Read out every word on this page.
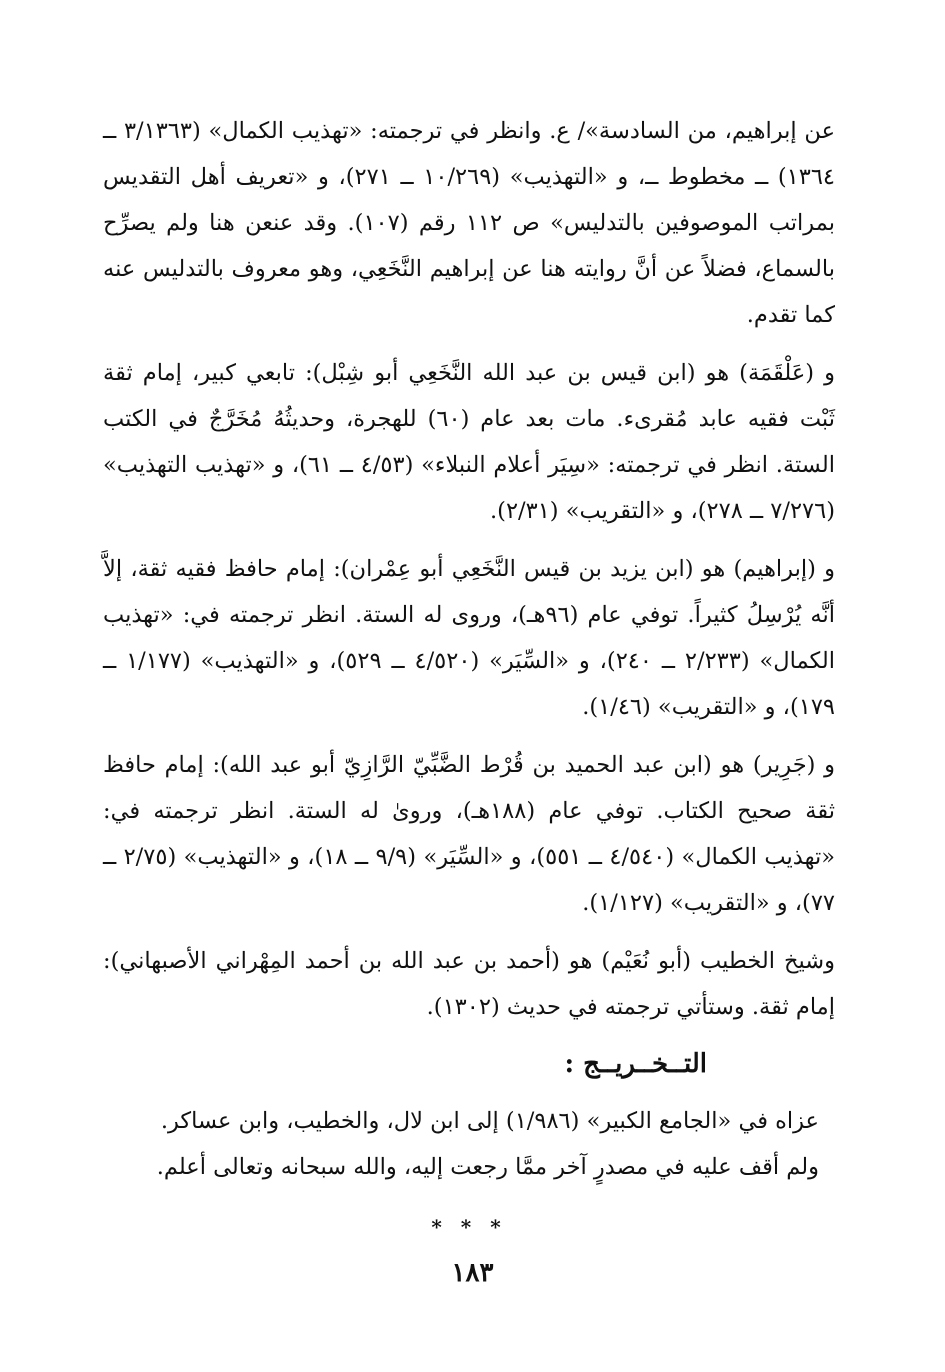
عن إبراهيم، من السادسة»/ ع. وانظر في ترجمته: «تهذيب الكمال» (٣/١٣٦٣ ــ ١٣٦٤) ــ مخطوط ــ، و «التهذيب» (١٠/٢٦٩ ــ ٢٧١)، و «تعريف أهل التقديس بمراتب الموصوفين بالتدليس» ص ١١٢ رقم (١٠٧). وقد عنعن هنا ولم يصرِّح بالسماع، فضلاً عن أنَّ روايته هنا عن إبراهيم النَّخَعِي، وهو معروف بالتدليس عنه كما تقدم.

و (عَلْقَمَة) هو (ابن قيس بن عبد الله النَّخَعِي أبو شِبْل): تابعي كبير، إمام ثقة ثَبْت فقيه عابد مُقرىء. مات بعد عام (٦٠) للهجرة، وحديثُهُ مُخَرَّجٌ في الكتب الستة. انظر في ترجمته: «سِيَر أعلام النبلاء» (٤/٥٣ ــ ٦١)، و «تهذيب التهذيب» (٧/٢٧٦ ــ ٢٧٨)، و «التقريب» (٢/٣١).

و (إبراهيم) هو (ابن يزيد بن قيس النَّخَعِي أبو عِمْران): إمام حافظ فقيه ثقة، إلاَّ أنَّه يُرْسِلُ كثيراً. توفي عام (٩٦هـ)، وروى له الستة. انظر ترجمته في: «تهذيب الكمال» (٢/٢٣٣ ــ ٢٤٠)، و «السِّيَر» (٤/٥٢٠ ــ ٥٢٩)، و «التهذيب» (١/١٧٧ ــ ١٧٩)، و «التقريب» (١/٤٦).

و (جَرِير) هو (ابن عبد الحميد بن قُرْط الضَّبِّيّ الرَّازِيّ أبو عبد الله): إمام حافظ ثقة صحيح الكتاب. توفي عام (١٨٨هـ)، وروىٰ له الستة. انظر ترجمته في: «تهذيب الكمال» (٤/٥٤٠ ــ ٥٥١)، و «السِّيَر» (٩/٩ ــ ١٨)، و «التهذيب» (٢/٧٥ ــ ٧٧)، و «التقريب» (١/١٢٧).

وشيخ الخطيب (أبو نُعَيْم) هو (أحمد بن عبد الله بن أحمد المِهْراني الأصبهاني): إمام ثقة. وستأتي ترجمته في حديث (١٣٠٢).

التــخــريــج :

عزاه في «الجامع الكبير» (١/٩٨٦) إلى ابن لال، والخطيب، وابن عساكر.

ولم أقف عليه في مصدرٍ آخر ممَّا رجعت إليه، والله سبحانه وتعالى أعلم.

* * *
١٨٣
